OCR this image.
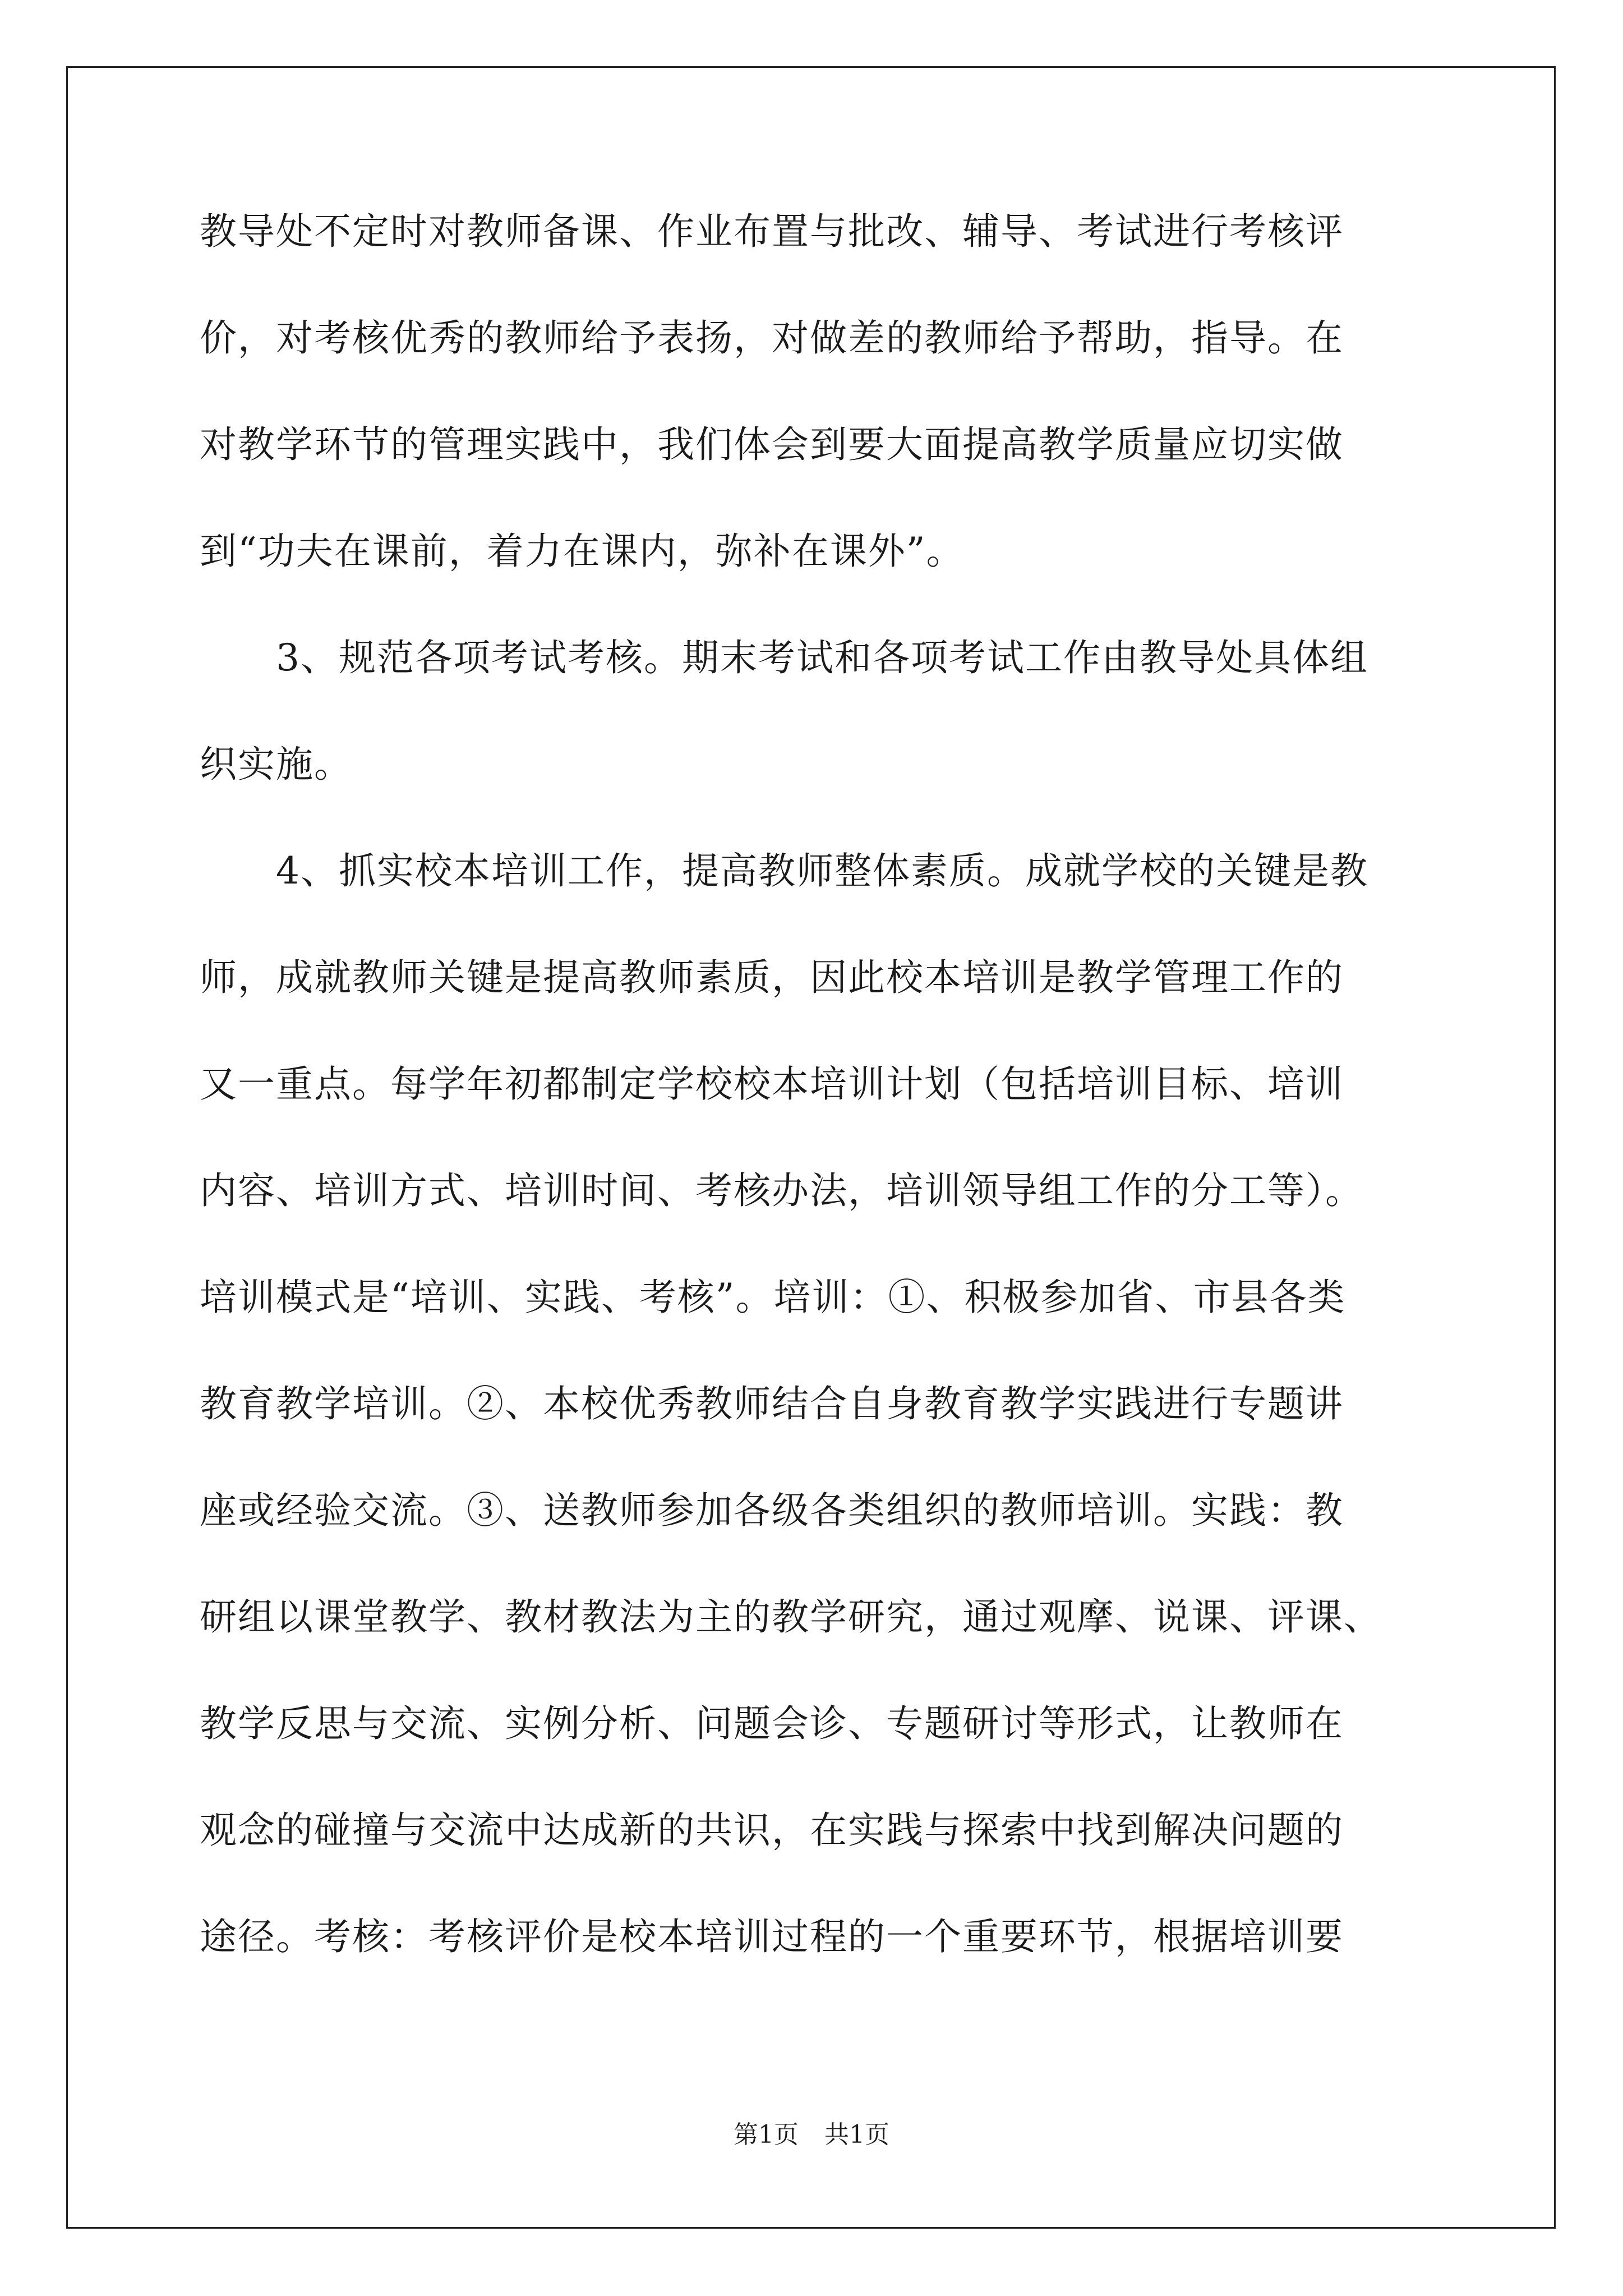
教导处不定时对教师备课、作业布置与批改、辅导、考试进行考核评
价，对考核优秀的教师给予表扬，对做差的教师给予帮助，指导。在
对教学环节的管理实践中，我们体会到要大面提高教学质量应切实做
到“功夫在课前，着力在课内，弥补在课外”。
3、规范各项考试考核。期末考试和各项考试工作由教导处具体组
织实施。
4、抓实校本培训工作，提高教师整体素质。成就学校的关键是教
师，成就教师关键是提高教师素质，因此校本培训是教学管理工作的
又一重点。每学年初都制定学校校本培训计划（包括培训目标、培训
内容、培训方式、培训时间、考核办法，培训领导组工作的分工等）。
培训模式是“培训、实践、考核”。培训：①、积极参加省、市县各类
教育教学培训。②、本校优秀教师结合自身教育教学实践进行专题讲
座或经验交流。③、送教师参加各级各类组织的教师培训。实践：教
研组以课堂教学、教材教法为主的教学研究，通过观摩、说课、评课、
教学反思与交流、实例分析、问题会诊、专题研讨等形式，让教师在
观念的碰撞与交流中达成新的共识，在实践与探索中找到解决问题的
途径。考核：考核评价是校本培训过程的一个重要环节，根据培训要
第1页 共1页
